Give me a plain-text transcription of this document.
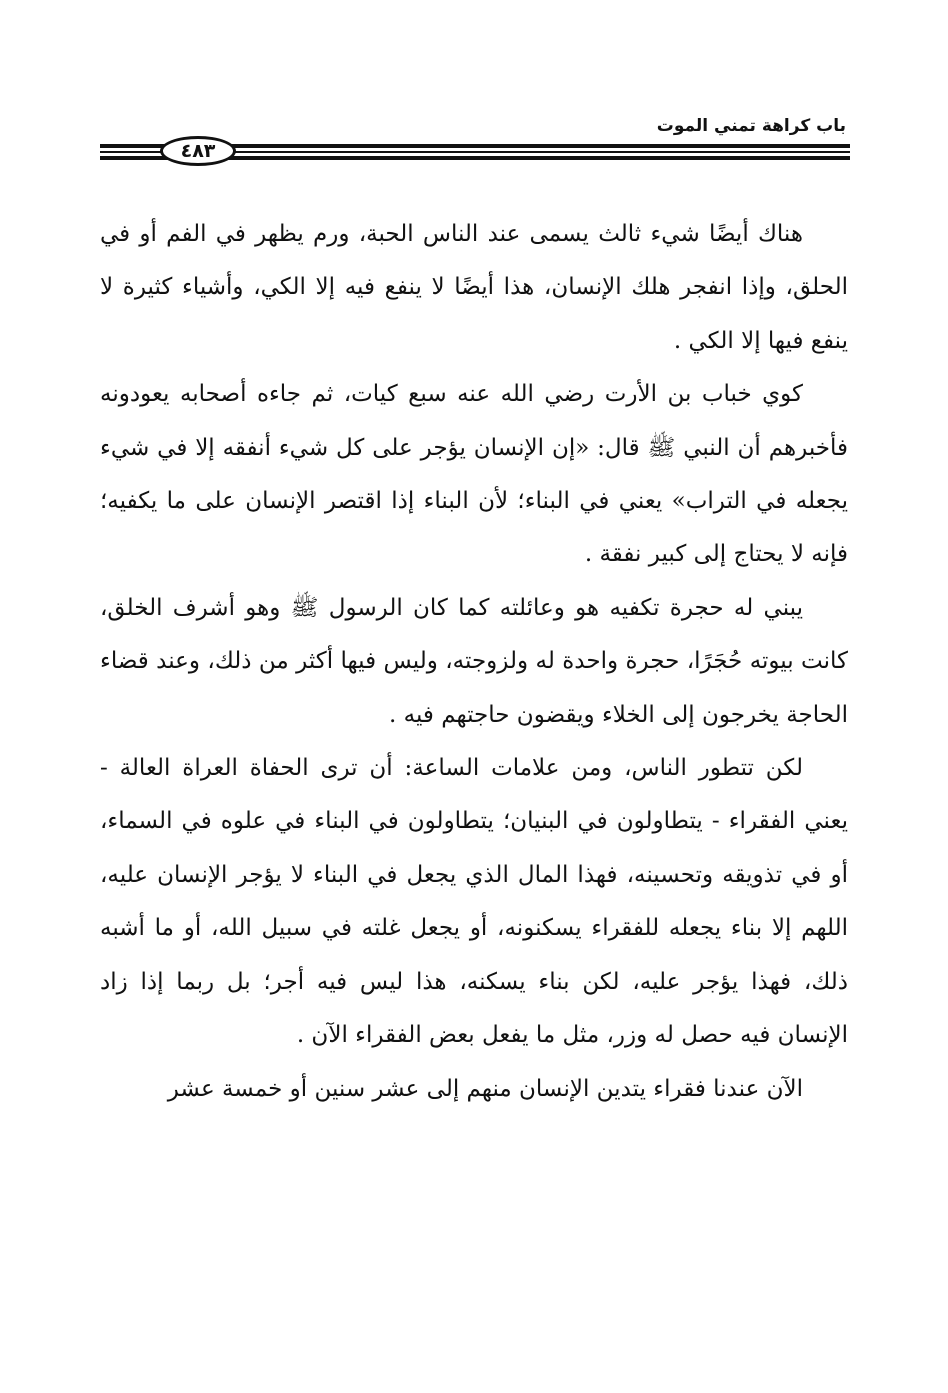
باب كراهة تمني الموت
٤٨٣

هناك أيضًا شيء ثالث يسمى عند الناس الحبة، ورم يظهر في الفم أو في الحلق، وإذا انفجر هلك الإنسان، هذا أيضًا لا ينفع فيه إلا الكي، وأشياء كثيرة لا ينفع فيها إلا الكي .

كوي خباب بن الأرت رضي الله عنه سبع كيات، ثم جاءه أصحابه يعودونه فأخبرهم أن النبي ﷺ قال: «إن الإنسان يؤجر على كل شيء أنفقه إلا في شيء يجعله في التراب» يعني في البناء؛ لأن البناء إذا اقتصر الإنسان على ما يكفيه؛ فإنه لا يحتاج إلى كبير نفقة .

يبني له حجرة تكفيه هو وعائلته كما كان الرسول ﷺ وهو أشرف الخلق، كانت بيوته حُجَرًا، حجرة واحدة له ولزوجته، وليس فيها أكثر من ذلك، وعند قضاء الحاجة يخرجون إلى الخلاء ويقضون حاجتهم فيه .

لكن تتطور الناس، ومن علامات الساعة: أن ترى الحفاة العراة العالة - يعني الفقراء - يتطاولون في البنيان؛ يتطاولون في البناء في علوه في السماء، أو في تذويقه وتحسينه، فهذا المال الذي يجعل في البناء لا يؤجر الإنسان عليه، اللهم إلا بناء يجعله للفقراء يسكنونه، أو يجعل غلته في سبيل الله، أو ما أشبه ذلك، فهذا يؤجر عليه، لكن بناء يسكنه، هذا ليس فيه أجر؛ بل ربما إذا زاد الإنسان فيه حصل له وزر، مثل ما يفعل بعض الفقراء الآن .

الآن عندنا فقراء يتدين الإنسان منهم إلى عشر سنين أو خمسة عشر
